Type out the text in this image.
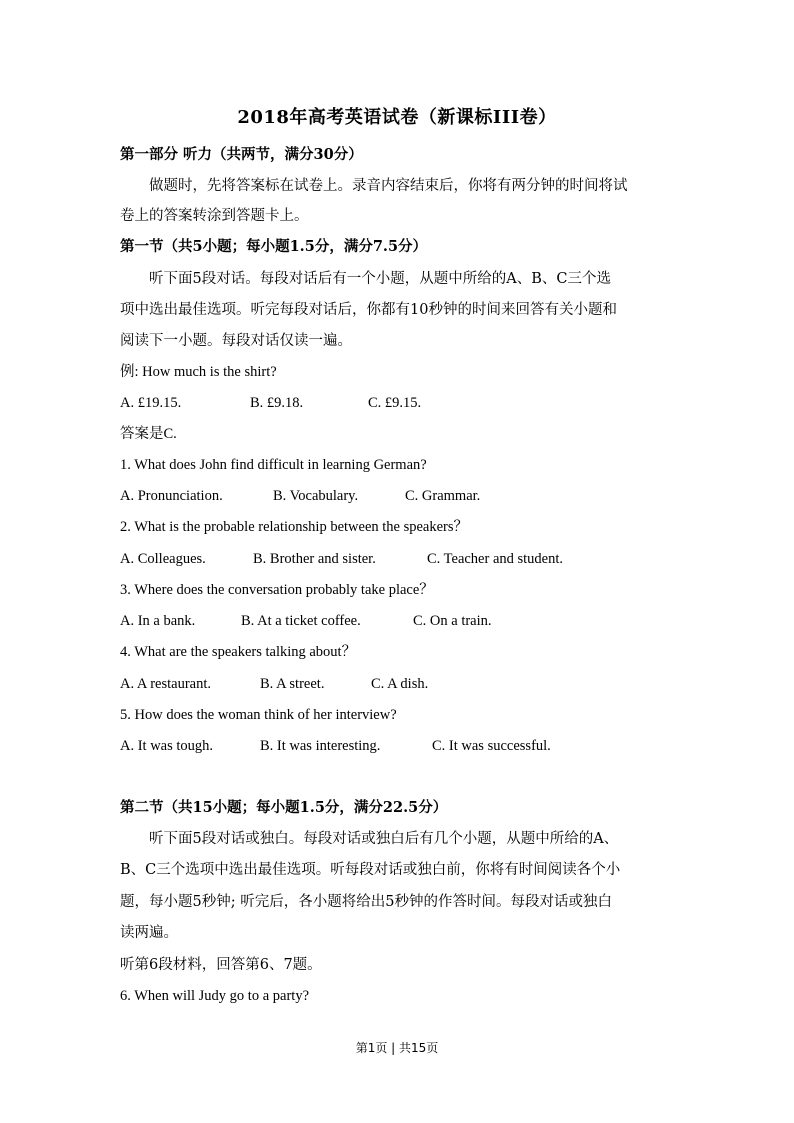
2018年高考英语试卷（新课标III卷）
第一部分 听力（共两节，满分30分）
做题时，先将答案标在试卷上。录音内容结束后，你将有两分钟的时间将试
卷上的答案转涂到答题卡上。
第一节（共5小题；每小题1.5分，满分7.5分）
听下面5段对话。每段对话后有一个小题，从题中所给的A、B、C三个选
项中选出最佳选项。听完每段对话后，你都有10秒钟的时间来回答有关小题和
阅读下一小题。每段对话仅读一遍。
例: How much is the shirt?
A. £19.15.	B. £9.18.	C. £9.15.
答案是C.
1. What does John find difficult in learning German?
A. Pronunciation.	B. Vocabulary.	C. Grammar.
2. What is the probable relationship between the speakers？
A. Colleagues.	B. Brother and sister.	C. Teacher and student.
3. Where does the conversation probably take place？
A. In a bank.	B. At a ticket coffee.	C. On a train.
4. What are the speakers talking about？
A. A restaurant.	B. A street.	C. A dish.
5. How does the woman think of her interview?
A. It was tough.	B. It was interesting.	C. It was successful.
第二节（共15小题；每小题1.5分，满分22.5分）
听下面5段对话或独白。每段对话或独白后有几个小题，从题中所给的A、
B、C三个选项中选出最佳选项。听每段对话或独白前，你将有时间阅读各个小
题，每小题5秒钟; 听完后，各小题将给出5秒钟的作答时间。每段对话或独白
读两遍。
听第6段材料，回答第6、7题。
6. When will Judy go to a party?
第1页 | 共15页
